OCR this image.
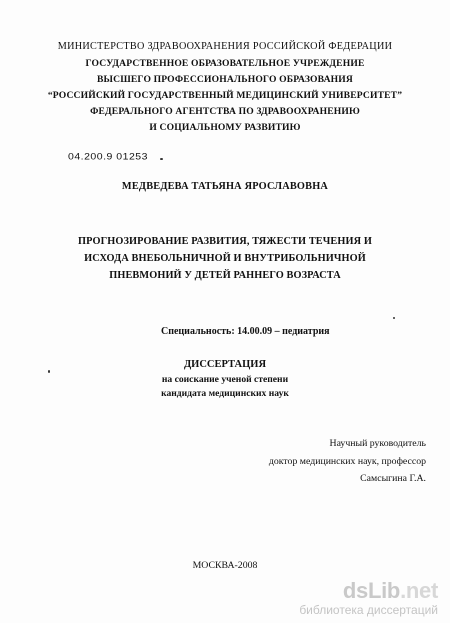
МИНИСТЕРСТВО ЗДРАВООХРАНЕНИЯ РОССИЙСКОЙ ФЕДЕРАЦИИ
ГОСУДАРСТВЕННОЕ ОБРАЗОВАТЕЛЬНОЕ УЧРЕЖДЕНИЕ
ВЫСШЕГО ПРОФЕССИОНАЛЬНОГО ОБРАЗОВАНИЯ
“РОССИЙСКИЙ ГОСУДАРСТВЕННЫЙ МЕДИЦИНСКИЙ УНИВЕРСИТЕТ”
ФЕДЕРАЛЬНОГО АГЕНТСТВА ПО ЗДРАВООХРАНЕНИЮ
И СОЦИАЛЬНОМУ РАЗВИТИЮ
04.200.9 01253
МЕДВЕДЕВА ТАТЬЯНА ЯРОСЛАВОВНА
ПРОГНОЗИРОВАНИЕ РАЗВИТИЯ, ТЯЖЕСТИ ТЕЧЕНИЯ И
ИСХОДА ВНЕБОЛЬНИЧНОЙ И ВНУТРИБОЛЬНИЧНОЙ
ПНЕВМОНИЙ У ДЕТЕЙ РАННЕГО ВОЗРАСТА
Специальность: 14.00.09 – педиатрия
ДИССЕРТАЦИЯ
на соискание ученой степени
кандидата медицинских наук
Научный руководитель
доктор медицинских наук, профессор
Самсыгина Г.А.
МОСКВА-2008
dsLib.net
библиотека диссертаций
